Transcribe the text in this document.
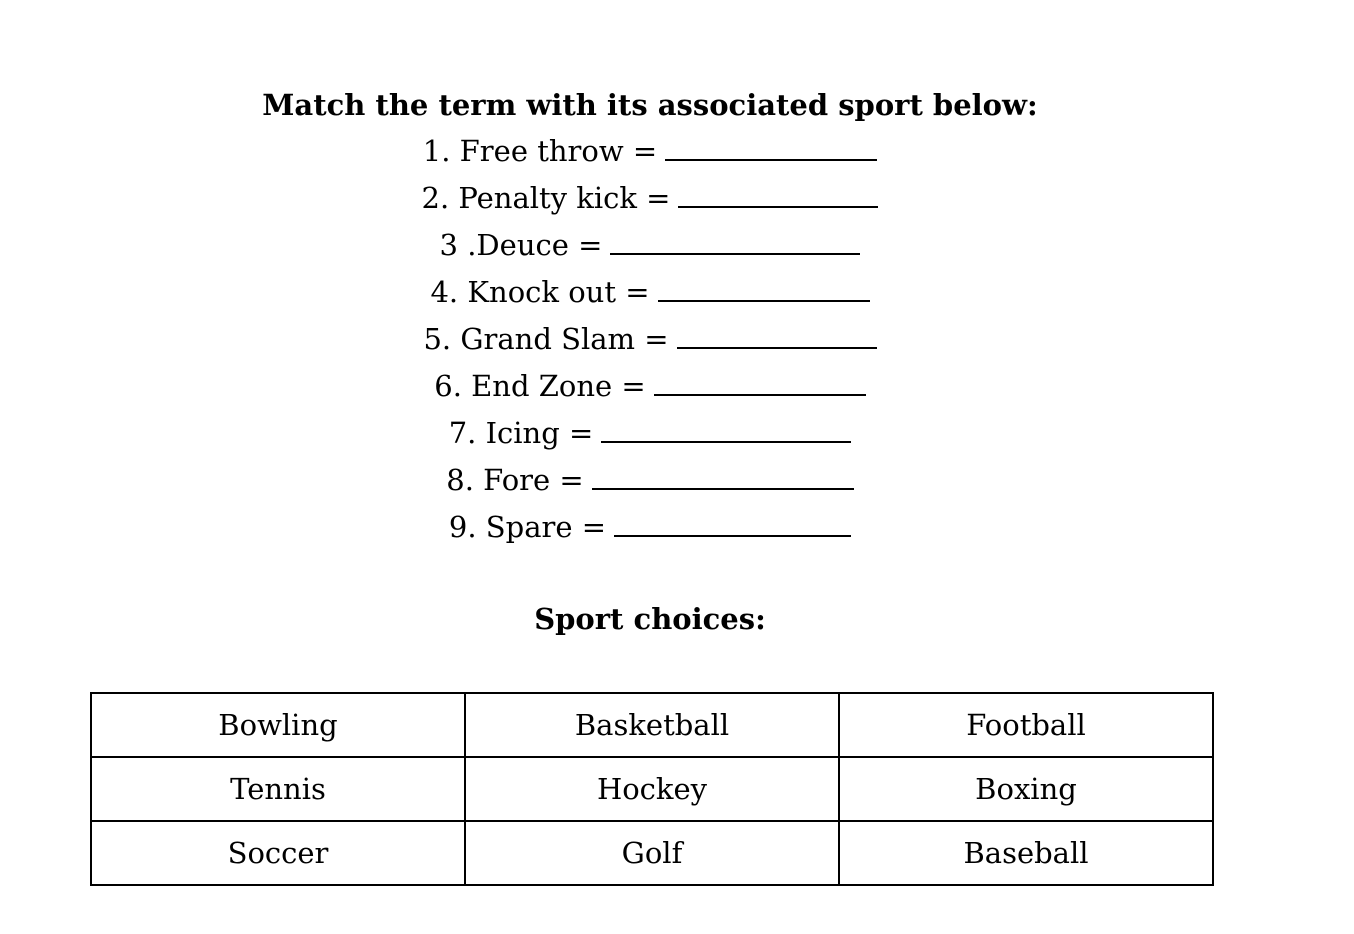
Match the term with its associated sport below:
1. Free throw =
2. Penalty kick =
3 .Deuce =
4. Knock out =
5. Grand Slam =
6. End Zone =
7. Icing =
8. Fore =
9. Spare =
Sport choices:
Bowling	Basketball	Football
Tennis	Hockey	Boxing
Soccer	Golf	Baseball
